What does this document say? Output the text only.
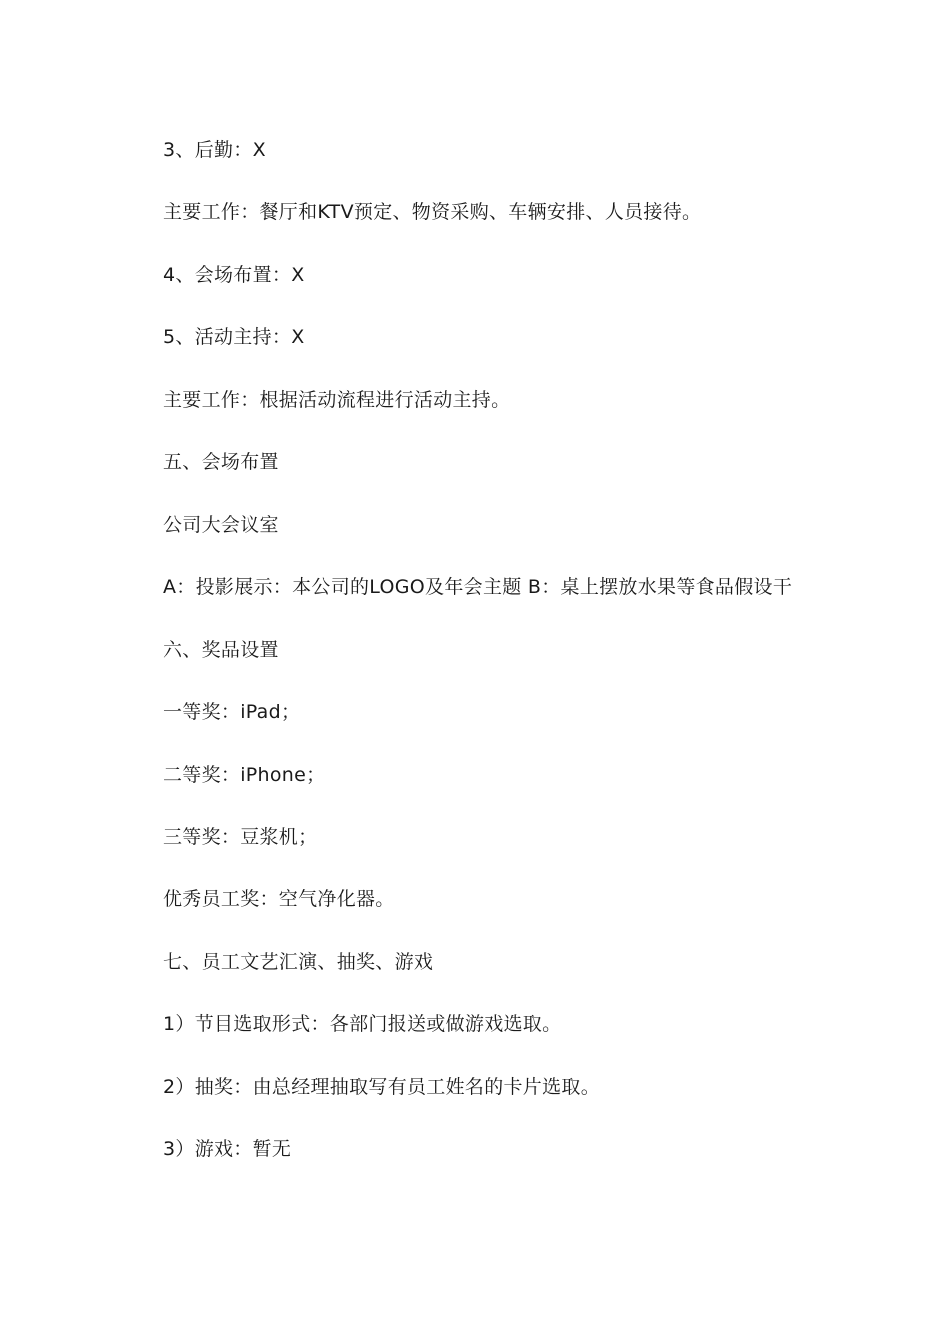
3、后勤：X

主要工作：餐厅和KTV预定、物资采购、车辆安排、人员接待。

4、会场布置：X

5、活动主持：X

主要工作：根据活动流程进行活动主持。

五、会场布置

公司大会议室

A：投影展示：本公司的LOGO及年会主题 B：桌上摆放水果等食品假设干

六、奖品设置

一等奖：iPad；

二等奖：iPhone；

三等奖：豆浆机；

优秀员工奖：空气净化器。

七、员工文艺汇演、抽奖、游戏

1）节目选取形式：各部门报送或做游戏选取。

2）抽奖：由总经理抽取写有员工姓名的卡片选取。

3）游戏：暂无
